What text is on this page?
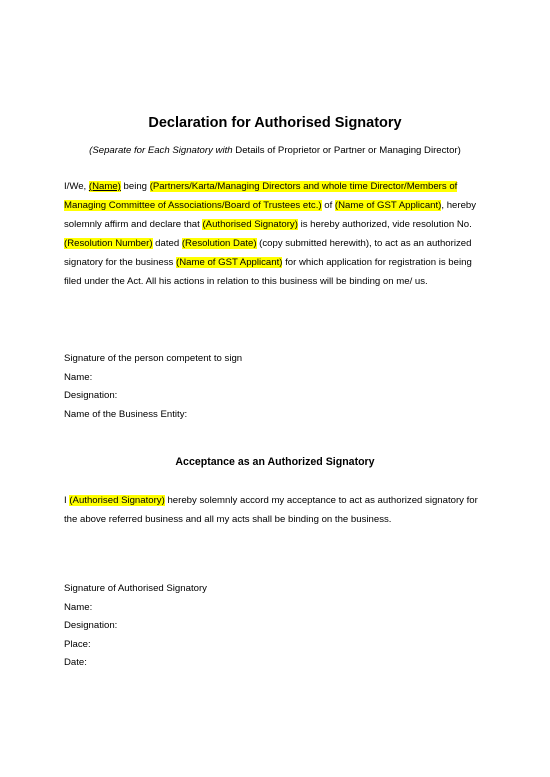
Declaration for Authorised Signatory
(Separate for Each Signatory with Details of Proprietor or Partner or Managing Director)

I/We, (Name) being (Partners/Karta/Managing Directors and whole time Director/Members of Managing Committee of Associations/Board of Trustees etc.) of (Name of GST Applicant), hereby solemnly affirm and declare that (Authorised Signatory) is hereby authorized, vide resolution No. (Resolution Number) dated (Resolution Date) (copy submitted herewith), to act as an authorized signatory for the business (Name of GST Applicant) for which application for registration is being filed under the Act. All his actions in relation to this business will be binding on me/ us.

Signature of the person competent to sign
Name:
Designation:
Name of the Business Entity:
Acceptance as an Authorized Signatory

I (Authorised Signatory) hereby solemnly accord my acceptance to act as authorized signatory for the above referred business and all my acts shall be binding on the business.

Signature of Authorised Signatory
Name:
Designation:
Place:
Date:
